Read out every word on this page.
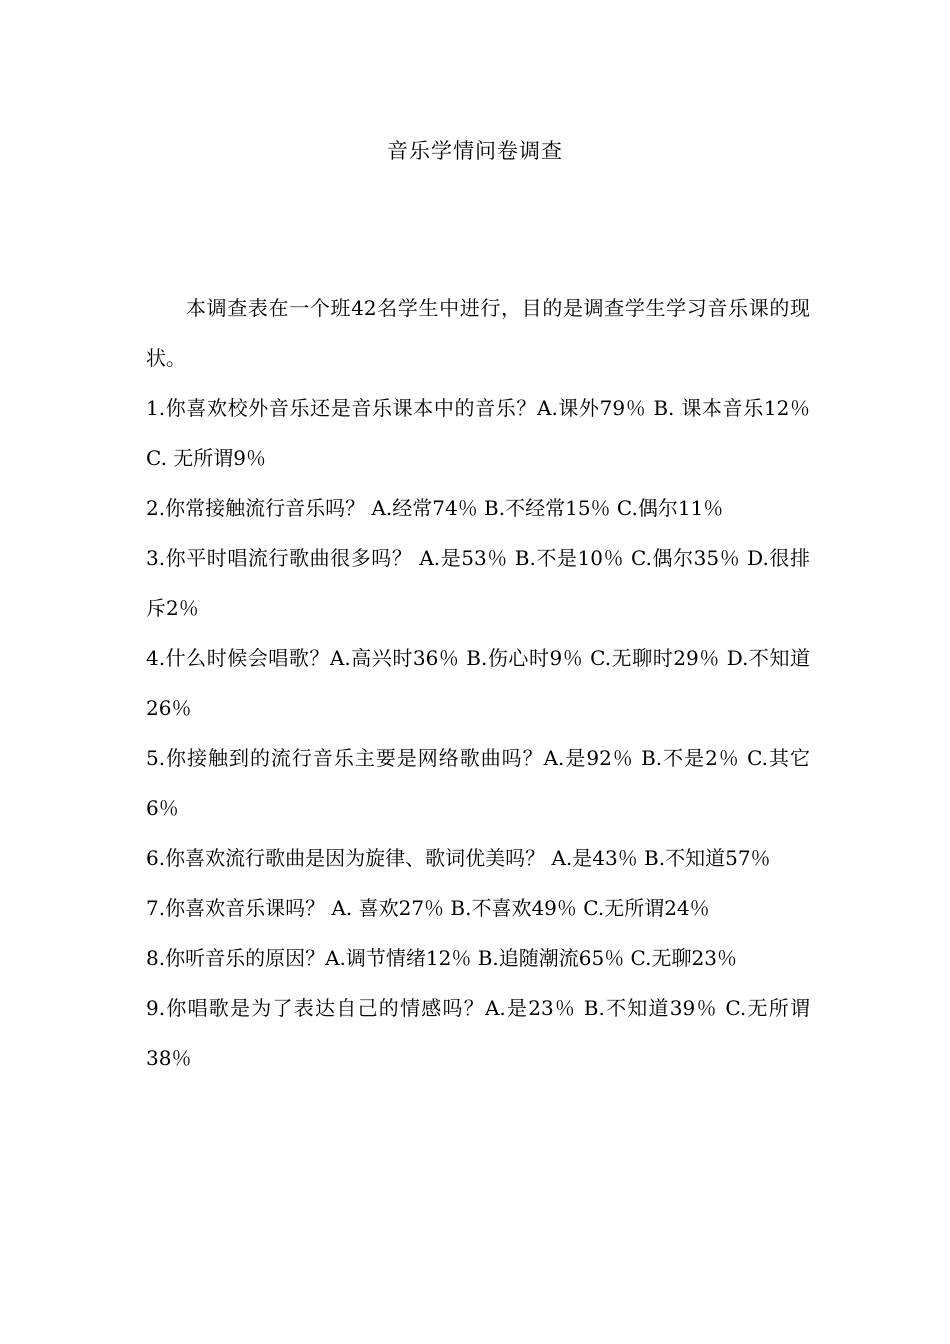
音乐学情问卷调查

本调查表在一个班42名学生中进行，目的是调查学生学习音乐课的现状。

1.你喜欢校外音乐还是音乐课本中的音乐？A.课外79％ B. 课本音乐12％ C. 无所谓9％

2.你常接触流行音乐吗？ A.经常74％ B.不经常15％ C.偶尔11％

3.你平时唱流行歌曲很多吗？ A.是53％ B.不是10％ C.偶尔35％ D.很排斥2％

4.什么时候会唱歌？A.高兴时36％ B.伤心时9％ C.无聊时29％ D.不知道26％

5.你接触到的流行音乐主要是网络歌曲吗？A.是92％ B.不是2％ C.其它6％

6.你喜欢流行歌曲是因为旋律、歌词优美吗？ A.是43％ B.不知道57％

7.你喜欢音乐课吗？ A. 喜欢27％ B.不喜欢49％ C.无所谓24％

8.你听音乐的原因？A.调节情绪12％ B.追随潮流65％ C.无聊23％

9.你唱歌是为了表达自己的情感吗？A.是23％ B.不知道39％ C.无所谓38％
